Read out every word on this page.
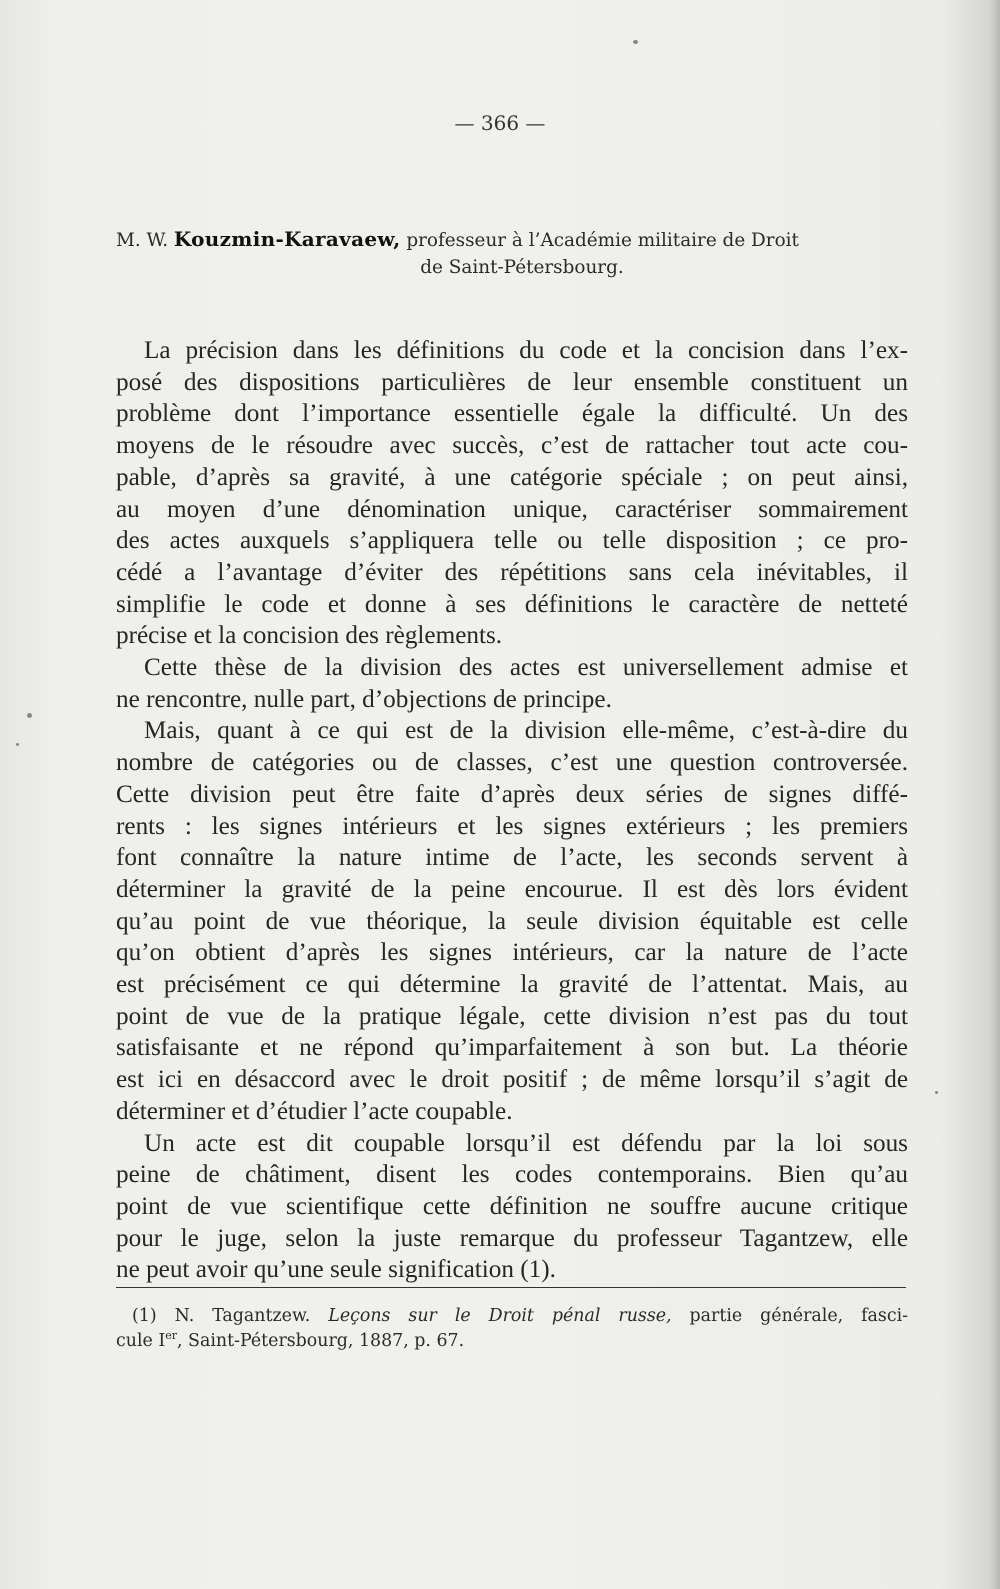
— 366 —
M. W. Kouzmin-Karavaew, professeur à l’Académie militaire de Droit
de Saint-Pétersbourg.
La précision dans les définitions du code et la concision dans l’ex-
posé des dispositions particulières de leur ensemble constituent un
problème dont l’importance essentielle égale la difficulté. Un des
moyens de le résoudre avec succès, c’est de rattacher tout acte cou-
pable, d’après sa gravité, à une catégorie spéciale ; on peut ainsi,
au moyen d’une dénomination unique, caractériser sommairement
des actes auxquels s’appliquera telle ou telle disposition ; ce pro-
cédé a l’avantage d’éviter des répétitions sans cela inévitables, il
simplifie le code et donne à ses définitions le caractère de netteté
précise et la concision des règlements.
Cette thèse de la division des actes est universellement admise et
ne rencontre, nulle part, d’objections de principe.
Mais, quant à ce qui est de la division elle-même, c’est-à-dire du
nombre de catégories ou de classes, c’est une question controversée.
Cette division peut être faite d’après deux séries de signes diffé-
rents : les signes intérieurs et les signes extérieurs ; les premiers
font connaître la nature intime de l’acte, les seconds servent à
déterminer la gravité de la peine encourue. Il est dès lors évident
qu’au point de vue théorique, la seule division équitable est celle
qu’on obtient d’après les signes intérieurs, car la nature de l’acte
est précisément ce qui détermine la gravité de l’attentat. Mais, au
point de vue de la pratique légale, cette division n’est pas du tout
satisfaisante et ne répond qu’imparfaitement à son but. La théorie
est ici en désaccord avec le droit positif ; de même lorsqu’il s’agit de
déterminer et d’étudier l’acte coupable.
Un acte est dit coupable lorsqu’il est défendu par la loi sous
peine de châtiment, disent les codes contemporains. Bien qu’au
point de vue scientifique cette définition ne souffre aucune critique
pour le juge, selon la juste remarque du professeur Tagantzew, elle
ne peut avoir qu’une seule signification (1).
(1) N. Tagantzew. Leçons sur le Droit pénal russe, partie générale, fasci-
cule Ier, Saint-Pétersbourg, 1887, p. 67.
